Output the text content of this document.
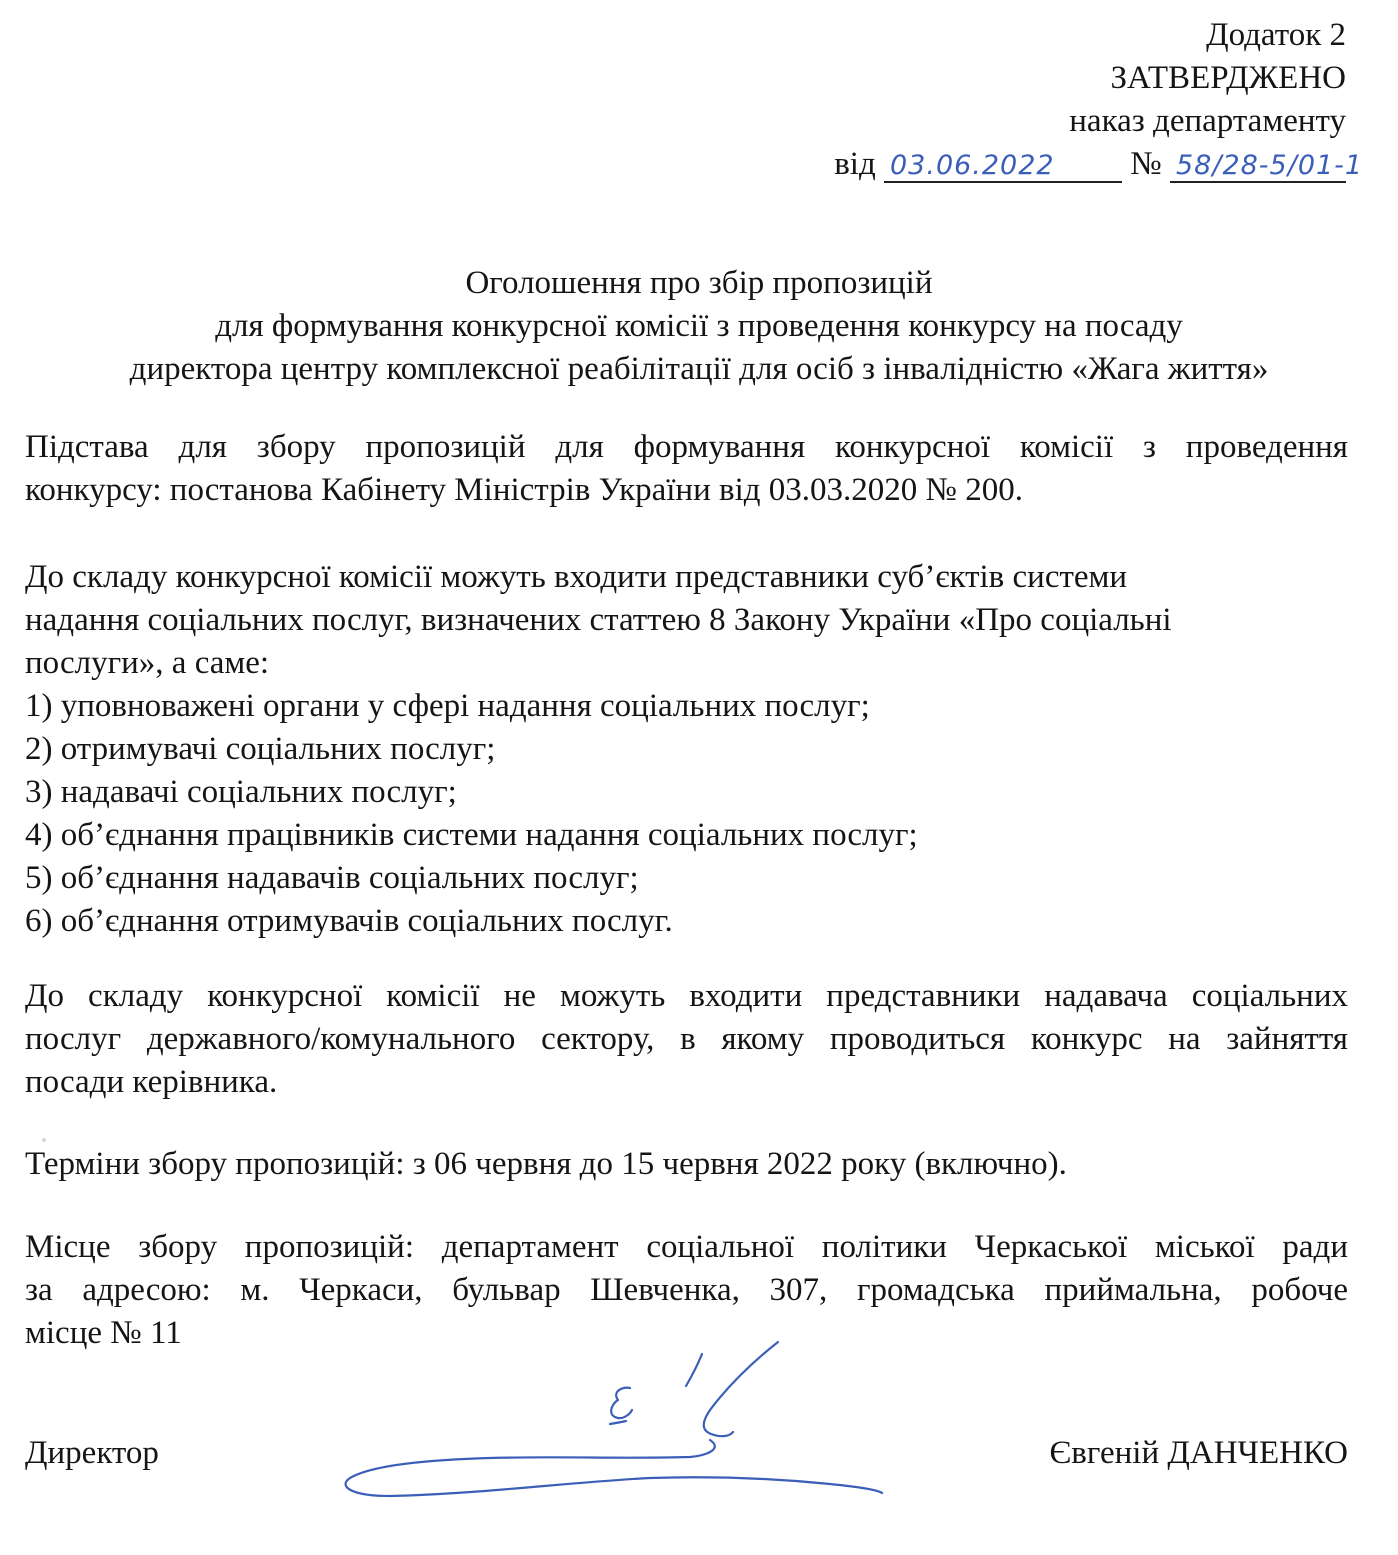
Додаток 2
ЗАТВЕРДЖЕНО
наказ департаменту
від 03.06.2022 № 58/28-5/01-1
Оголошення про збір пропозицій
для формування конкурсної комісії з проведення конкурсу на посаду
директора центру комплексної реабілітації для осіб з інвалідністю «Жага життя»
Підстава для збору пропозицій для формування конкурсної комісії з проведення
конкурсу: постанова Кабінету Міністрів України від 03.03.2020 № 200.
До складу конкурсної комісії можуть входити представники суб’єктів системи
надання соціальних послуг, визначених статтею 8 Закону України «Про соціальні
послуги», а саме:
1) уповноважені органи у сфері надання соціальних послуг;
2) отримувачі соціальних послуг;
3) надавачі соціальних послуг;
4) об’єднання працівників системи надання соціальних послуг;
5) об’єднання надавачів соціальних послуг;
6) об’єднання отримувачів соціальних послуг.
До складу конкурсної комісії не можуть входити представники надавача соціальних
послуг державного/комунального сектору, в якому проводиться конкурс на зайняття
посади керівника.
Терміни збору пропозицій: з 06 червня до 15 червня 2022 року (включно).
Місце збору пропозицій: департамент соціальної політики Черкаської міської ради
за адресою: м. Черкаси, бульвар Шевченка, 307, громадська приймальна, робоче
місце № 11
Директор	Євгеній ДАНЧЕНКО
